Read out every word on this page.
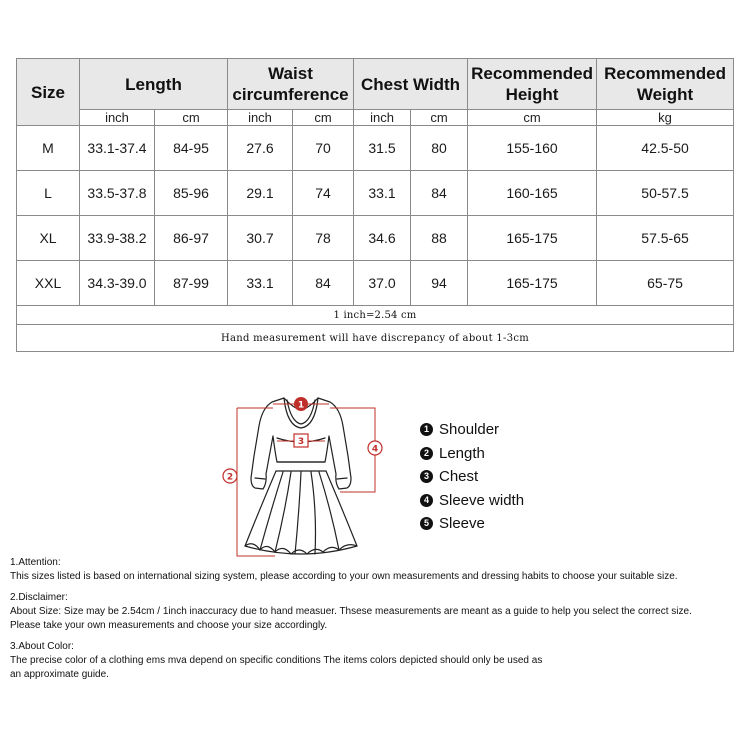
Size	Length		Waist circumference		Chest Width		Recommended Height	Recommended Weight
	inch	cm	inch	cm	inch	cm	cm	kg
M	33.1-37.4	84-95	27.6	70	31.5	80	155-160	42.5-50
L	33.5-37.8	85-96	29.1	74	33.1	84	160-165	50-57.5
XL	33.9-38.2	86-97	30.7	78	34.6	88	165-175	57.5-65
XXL	34.3-39.0	87-99	33.1	84	37.0	94	165-175	65-75
1 inch=2.54 cm								
Hand measurement will have discrepancy of about 1-3cm								
1
2
3
4
1 Shoulder
2 Length
3 Chest
4 Sleeve width
5 Sleeve

1.Attention:

This sizes listed is based on international sizing system, please according to your own measurements and dressing habits to choose your suitable size.

2.Disclaimer:

About Size: Size may be 2.54cm / 1inch inaccuracy due to hand measuer. Thsese measurements are meant as a guide to help you select the correct size.

Please take your own measurements and choose your size accordingly.

3.About Color:

The precise color of a clothing ems mva depend on specific conditions The items colors depicted should only be used as

an approximate guide.
